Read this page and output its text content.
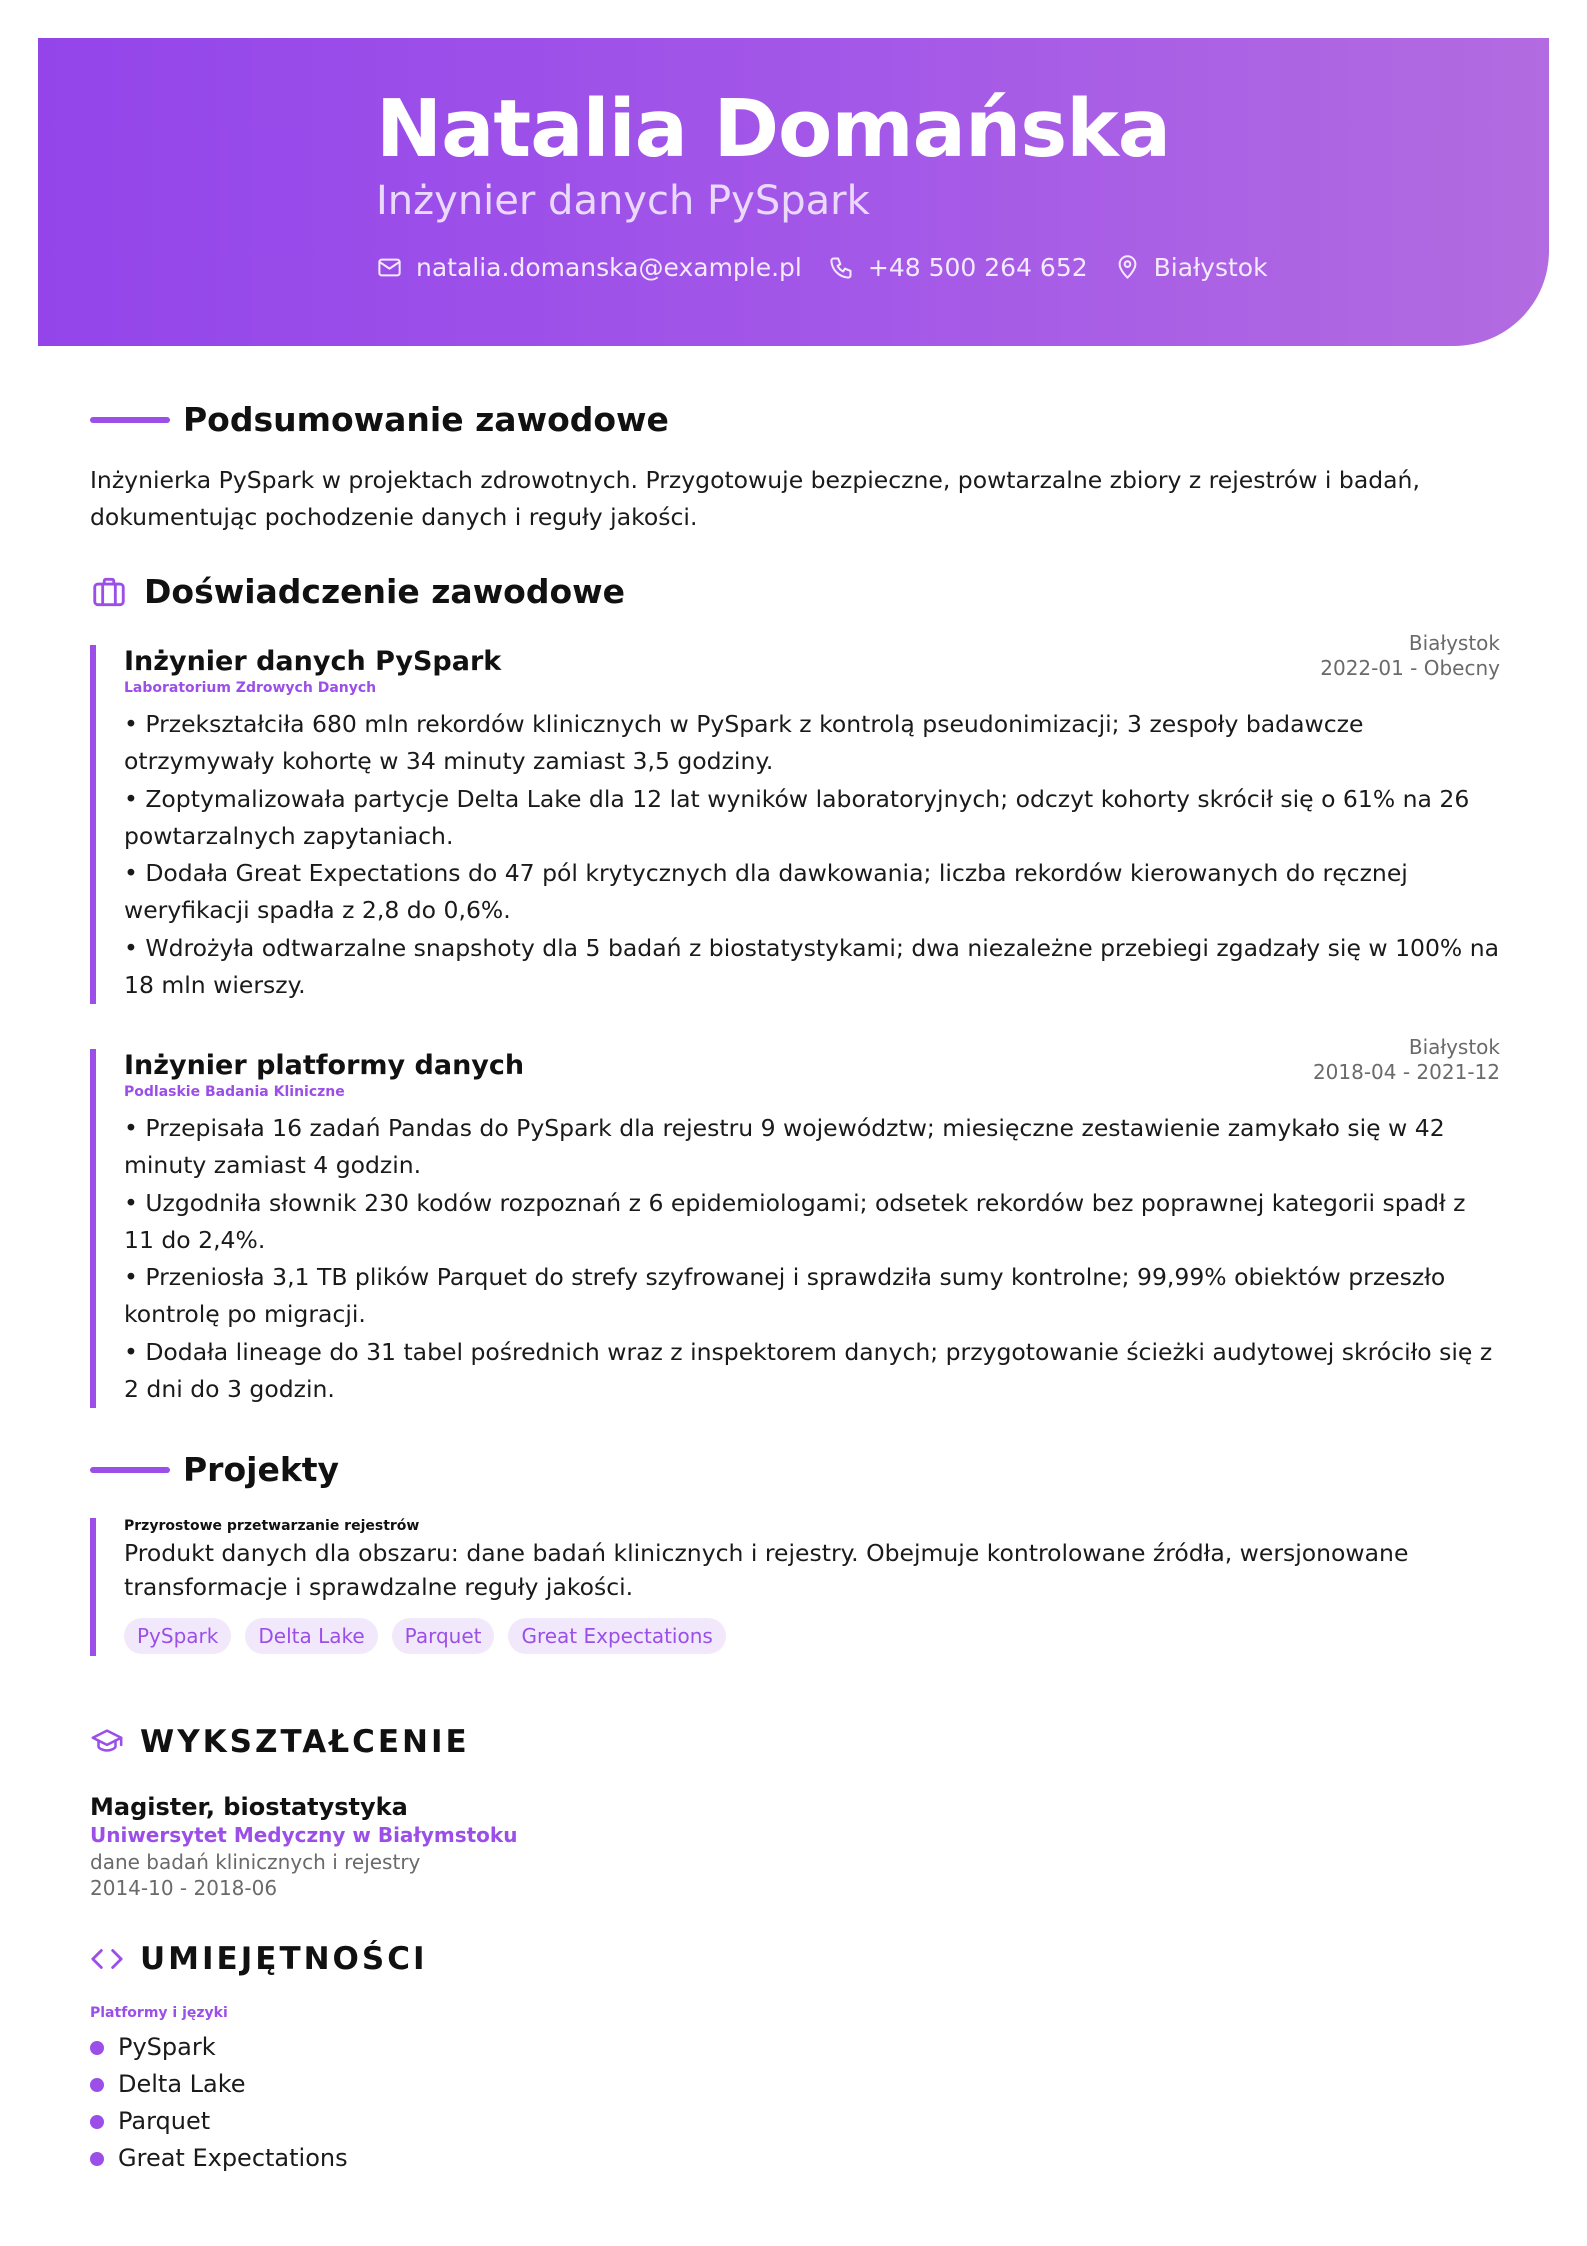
Natalia Domańska
Inżynier danych PySpark
natalia.domanska@example.pl	+48 500 264 652	Białystok
Podsumowanie zawodowe
Inżynierka PySpark w projektach zdrowotnych. Przygotowuje bezpieczne, powtarzalne zbiory z rejestrów i badań, dokumentując pochodzenie danych i reguły jakości.
Doświadczenie zawodowe
Inżynier danych PySpark
Laboratorium Zdrowych Danych
Białystok
2022-01 - Obecny
• Przekształciła 680 mln rekordów klinicznych w PySpark z kontrolą pseudonimizacji; 3 zespoły badawcze otrzymywały kohortę w 34 minuty zamiast 3,5 godziny.
• Zoptymalizowała partycje Delta Lake dla 12 lat wyników laboratoryjnych; odczyt kohorty skrócił się o 61% na 26 powtarzalnych zapytaniach.
• Dodała Great Expectations do 47 pól krytycznych dla dawkowania; liczba rekordów kierowanych do ręcznej weryfikacji spadła z 2,8 do 0,6%.
• Wdrożyła odtwarzalne snapshoty dla 5 badań z biostatystykami; dwa niezależne przebiegi zgadzały się w 100% na 18 mln wierszy.
Inżynier platformy danych
Podlaskie Badania Kliniczne
Białystok
2018-04 - 2021-12
• Przepisała 16 zadań Pandas do PySpark dla rejestru 9 województw; miesięczne zestawienie zamykało się w 42 minuty zamiast 4 godzin.
• Uzgodniła słownik 230 kodów rozpoznań z 6 epidemiologami; odsetek rekordów bez poprawnej kategorii spadł z 11 do 2,4%.
• Przeniosła 3,1 TB plików Parquet do strefy szyfrowanej i sprawdziła sumy kontrolne; 99,99% obiektów przeszło kontrolę po migracji.
• Dodała lineage do 31 tabel pośrednich wraz z inspektorem danych; przygotowanie ścieżki audytowej skróciło się z 2 dni do 3 godzin.
Projekty
Przyrostowe przetwarzanie rejestrów
Produkt danych dla obszaru: dane badań klinicznych i rejestry. Obejmuje kontrolowane źródła, wersjonowane transformacje i sprawdzalne reguły jakości.
PySpark	Delta Lake	Parquet	Great Expectations
WYKSZTAŁCENIE
Magister, biostatystyka
Uniwersytet Medyczny w Białymstoku
dane badań klinicznych i rejestry
2014-10 - 2018-06
UMIEJĘTNOŚCI
Platformy i języki
PySpark
Delta Lake
Parquet
Great Expectations
